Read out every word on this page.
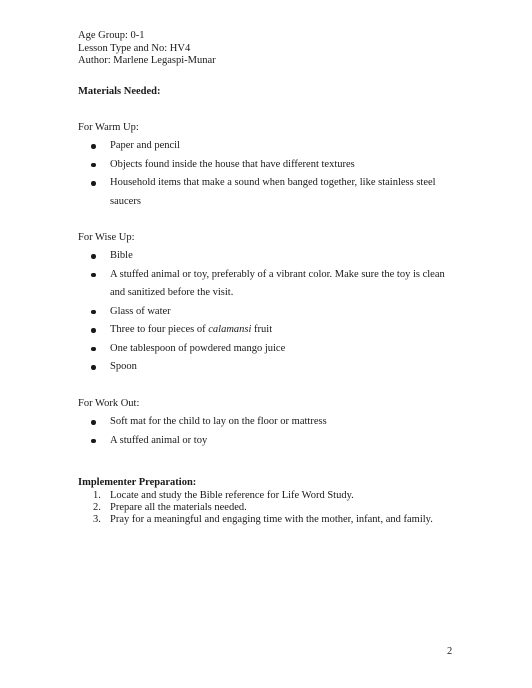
Age Group: 0-1
Lesson Type and No: HV4
Author: Marlene Legaspi-Munar
Materials Needed:
For Warm Up:
Paper and pencil
Objects found inside the house that have different textures
Household items that make a sound when banged together, like stainless steel saucers
For Wise Up:
Bible
A stuffed animal or toy, preferably of a vibrant color. Make sure the toy is clean and sanitized before the visit.
Glass of water
Three to four pieces of calamansi fruit
One tablespoon of powdered mango juice
Spoon
For Work Out:
Soft mat for the child to lay on the floor or mattress
A stuffed animal or toy
Implementer Preparation:
1. Locate and study the Bible reference for Life Word Study.
2. Prepare all the materials needed.
3. Pray for a meaningful and engaging time with the mother, infant, and family.
2
